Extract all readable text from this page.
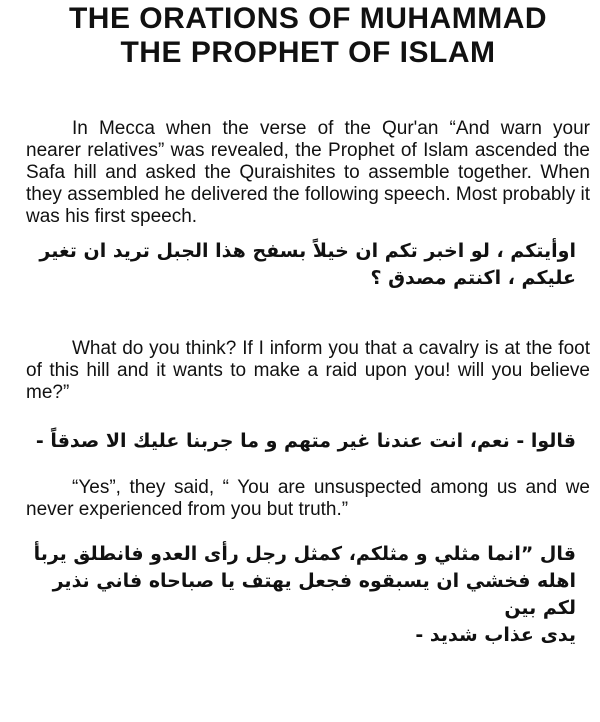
THE ORATIONS OF MUHAMMAD
THE PROPHET OF ISLAM

In Mecca when the verse of the Qur'an “And warn your nearer relatives” was revealed, the Prophet of Islam ascended the Safa hill and asked the Quraishites to assemble together. When they assembled he delivered the following speech. Most probably it was his first speech.

اوأيتكم ، لو اخبر تكم ان خيلاً بسفح هذا الجبل تريد ان تغير
عليكم ، اكنتم مصدق ؟

What do you think? If I inform you that a cavalry is at the foot of this hill and it wants to make a raid upon you! will you believe me?”

قالوا - نعم، انت عندنا غير متهم و ما جربنا عليك الا صدقاً -

“Yes”, they said, “ You are unsuspected among us and we never experienced from you but truth.”

قال ”انما مثلي و مثلكم، كمثل رجل رأى العدو فانطلق يربأ
اهله فخشي ان يسبقوه فجعل يهتف يا صباحاه فاني نذير لكم بين
يدى عذاب شديد -
